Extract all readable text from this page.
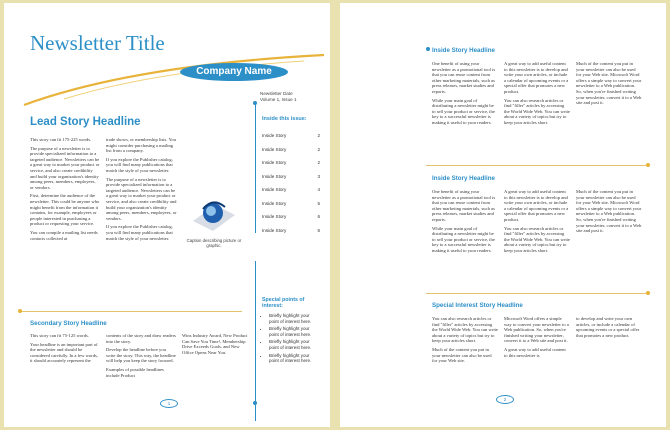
Newsletter Title
Company Name
Newsletter Date
Volume 1, Issue 1
Lead Story Headline

This story can fit 175-225 words.

The purpose of a newsletter is to provide specialized information to a targeted audience. Newsletters can be a great way to market your product or service, and also create credibility and build your organization's identity among peers, members, employees, or vendors.

First, determine the audience of the newsletter. This could be anyone who might benefit from the information it contains, for example, employees or people interested in purchasing a product or requesting your service.

You can compile a mailing list needs contacts collected at

trade shows, or membership lists. You might consider purchasing a mailing list from a company.

If you explore the Publisher catalog, you will find many publications that match the style of your newsletter.

The purpose of a newsletter is to provide specialized information to a targeted audience. Newsletters can be a great way to market your product or service, and also create credibility and build your organization's identity among peers, members, employees, or vendors.

If you explore the Publisher catalog, you will find many publications that match the style of your newsletter.	Caption describing picture or graphic.
Inside this issue:
Inside Story	2
Inside Story	2
Inside Story	2
Inside Story	3
Inside Story	4
Inside Story	5
Inside Story	6
Inside Story	6
Secondary Story Headline

This story can fit 75-125 words.

Your headline is an important part of the newsletter and should be considered carefully. In a few words, it should accurately represent the

contents of the story and draw readers into the story.

Develop the headline before you write the story. This way, the headline will help you keep the story focused.

Examples of possible headlines include Product

Wins Industry Award, New Product Can Save You Time!, Membership Drive Exceeds Goals, and New Office Opens Near You.

Special points of interest:
• Briefly highlight your point of interest here.
• Briefly highlight your point of interest here.
• Briefly highlight your point of interest here.
• Briefly highlight your point of interest here.
1
Inside Story Headline

One benefit of using your newsletter as a promotional tool is that you can reuse content from other marketing materials, such as press releases, market studies and reports.

While your main goal of distributing a newsletter might be to sell your product or service, the key to a successful newsletter is making it useful to your readers.

A great way to add useful content to this newsletter is to develop and write your own articles, or include a calendar of upcoming events or a special offer that promotes a new product.

You can also research articles or find "filler" articles by accessing the World Wide Web. You can write about a variety of topics but try to keep your articles short.

Much of the content you put in your newsletter can also be used for your Web site. Microsoft Word offers a simple way to convert your newsletter to a Web publication. So, when you're finished writing your newsletter, convert it to a Web site and post it.

Inside Story Headline

One benefit of using your newsletter as a promotional tool is that you can reuse content from other marketing materials, such as press releases, market studies and reports.

While your main goal of distributing a newsletter might be to sell your product or service, the key to a successful newsletter is making it useful to your readers.

A great way to add useful content to this newsletter is to develop and write your own articles, or include a calendar of upcoming events or a special offer that promotes a new product.

You can also research articles or find "filler" articles by accessing the World Wide Web. You can write about a variety of topics but try to keep your articles short.

Much of the content you put in your newsletter can also be used for your Web site. Microsoft Word offers a simple way to convert your newsletter to a Web publication. So, when you're finished writing your newsletter, convert it to a Web site and post it.

Special Interest Story Headline

You can also research articles or find "filler" articles by accessing the World Wide Web. You can write about a variety of topics but try to keep your articles short.

Much of the content you put in your newsletter can also be used for your Web site.

Microsoft Word offers a simple way to convert your newsletter to a Web publication. So, when you're finished writing your newsletter, convert it to a Web site and post it.

A great way to add useful content to this newsletter is

to develop and write your own articles, or include a calendar of upcoming events or a special offer that promotes a new product.

2
